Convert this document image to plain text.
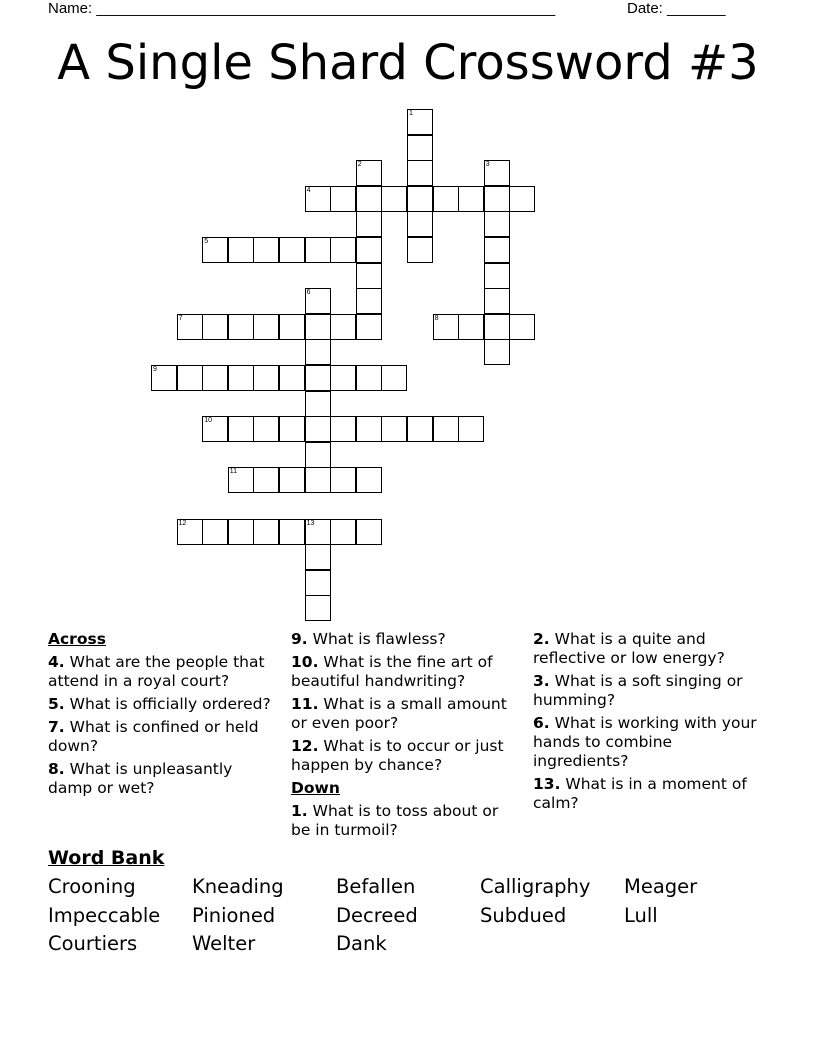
Name: _______________________________________________________	Date: _______
A Single Shard Crossword #3
1
2	3
4
5
6
7	8
9
10
11
12	13
Across
4. What are the people that attend in a royal court?
5. What is officially ordered?
7. What is confined or held down?
8. What is unpleasantly damp or wet?
9. What is flawless?
10. What is the fine art of beautiful handwriting?
11. What is a small amount or even poor?
12. What is to occur or just happen by chance?
Down
1. What is to toss about or be in turmoil?
2. What is a quite and reflective or low energy?
3. What is a soft singing or humming?
6. What is working with your hands to combine ingredients?
13. What is in a moment of calm?
Word Bank
Crooning	Kneading	Befallen	Calligraphy	Meager
Impeccable	Pinioned	Decreed	Subdued	Lull
Courtiers	Welter	Dank
